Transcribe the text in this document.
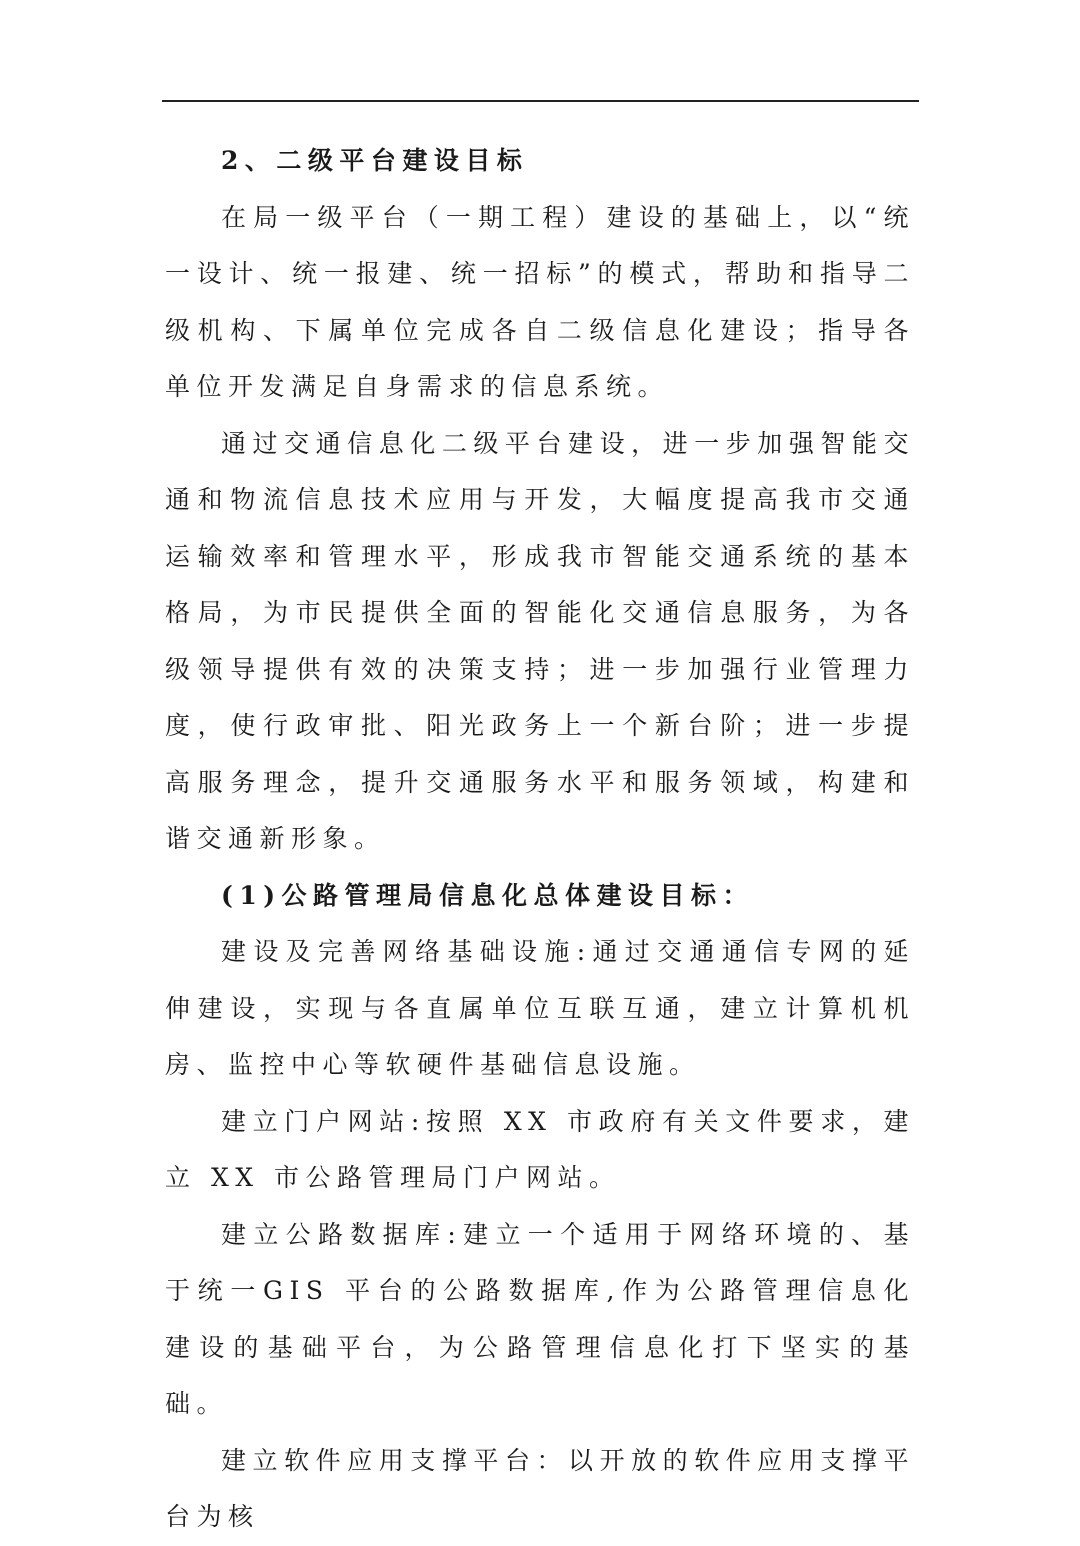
2、二级平台建设目标

在局一级平台（一期工程）建设的基础上，以“统一设计、统一报建、统一招标”的模式，帮助和指导二级机构、下属单位完成各自二级信息化建设；指导各单位开发满足自身需求的信息系统。

通过交通信息化二级平台建设，进一步加强智能交通和物流信息技术应用与开发，大幅度提高我市交通运输效率和管理水平，形成我市智能交通系统的基本格局，为市民提供全面的智能化交通信息服务，为各级领导提供有效的决策支持；进一步加强行业管理力度，使行政审批、阳光政务上一个新台阶；进一步提高服务理念，提升交通服务水平和服务领域，构建和谐交通新形象。

(1)公路管理局信息化总体建设目标：

建设及完善网络基础设施:通过交通通信专网的延伸建设，实现与各直属单位互联互通，建立计算机机房、监控中心等软硬件基础信息设施。

建立门户网站:按照 XX 市政府有关文件要求，建立 XX 市公路管理局门户网站。

建立公路数据库:建立一个适用于网络环境的、基于统一GIS 平台的公路数据库,作为公路管理信息化建设的基础平台，为公路管理信息化打下坚实的基础。

建立软件应用支撑平台：以开放的软件应用支撑平台为核
